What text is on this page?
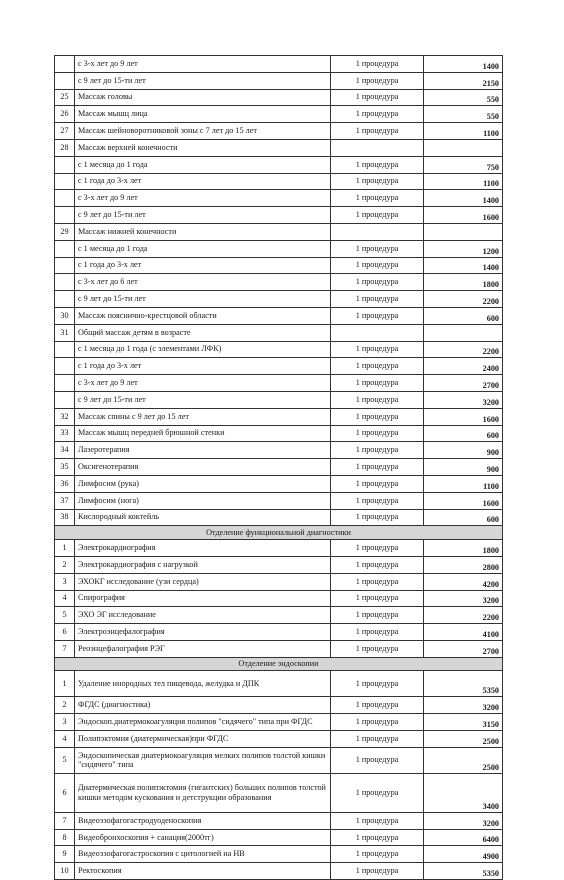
	с 3-х лет до 9 лет	1 процедура	1400
	с 9 лет до 15-ти лет	1 процедура	2150
25	Массаж головы	1 процедура	550
26	Массаж мышц лица	1 процедура	550
27	Массаж шейноворотниковой зоны с 7 лет до 15 лет	1 процедура	1100
28	Массаж верхней конечности		
	с 1 месяца до 1 года	1 процедура	750
	с 1 года до 3-х лет	1 процедура	1100
	с 3-х лет до 9 лет	1 процедура	1400
	с 9 лет до 15-ти лет	1 процедура	1600
29	Массаж нижней конечности		
	с 1 месяца до 1 года	1 процедура	1200
	с 1 года до 3-х лет	1 процедура	1400
	с 3-х лет до 6 лет	1 процедура	1800
	с 9 лет до 15-ти лет	1 процедура	2200
30	Массаж пояснично-крестцовой области	1 процедура	600
31	Общий массаж детям в возрасте		
	с 1 месяца до 1 года (с элементами ЛФК)	1 процедура	2200
	с 1 года до 3-х лет	1 процедура	2400
	с 3-х лет до 9 лет	1 процедура	2700
	с 9 лет до 15-ти лет	1 процедура	3200
32	Массаж спины с 9 лет до 15 лет	1 процедура	1600
33	Массаж мышц передней брюшной стенки	1 процедура	600
34	Лазеротерапия	1 процедура	900
35	Оксигенотерапия	1 процедура	900
36	Лимфосим (рука)	1 процедура	1100
37	Лимфосим (нога)	1 процедура	1600
38	Кислородный коктейль	1 процедура	600
Отделение функциональной диагностики			
1	Электрокардиография	1 процедура	1800
2	Электрокардиография с нагрузкой	1 процедура	2800
3	ЭХОКГ исследование (узи сердца)	1 процедура	4200
4	Спирография	1 процедура	3200
5	ЭХО ЭГ исследование	1 процедура	2200
6	Электроэнцефалография	1 процедура	4100
7	Реоэнцефалография РЭГ	1 процедура	2700
Отделение эндоскопии			
1	Удаление инородных тел пищевода, желудка и ДПК	1 процедура	5350
2	ФГДС (диагностика)	1 процедура	3200
3	Эндоскоп.диатермокоагуляция полипов "сидячего" типа при ФГДС	1 процедура	3150
4	Полипэктомия (диатермическая)при ФГДС	1 процедура	2500
5	Эндоскопическая диатермокоагуляция мелких полипов толстой кишки "сидячего" типа	1 процедура	2500
6	Диатермическая полипэктомия (гигантских) больших полипов толстой кишки методом кускования и детструкции образования	1 процедура	3400
7	Видеоэзофагогастродуоденоскопия	1 процедура	3200
8	Видеобронхоскопия + санация(2000тг)	1 процедура	6400
9	Видеоэзофагогастроскопия с цитологией на НВ	1 процедура	4900
10	Ректоскопия	1 процедура	5350
